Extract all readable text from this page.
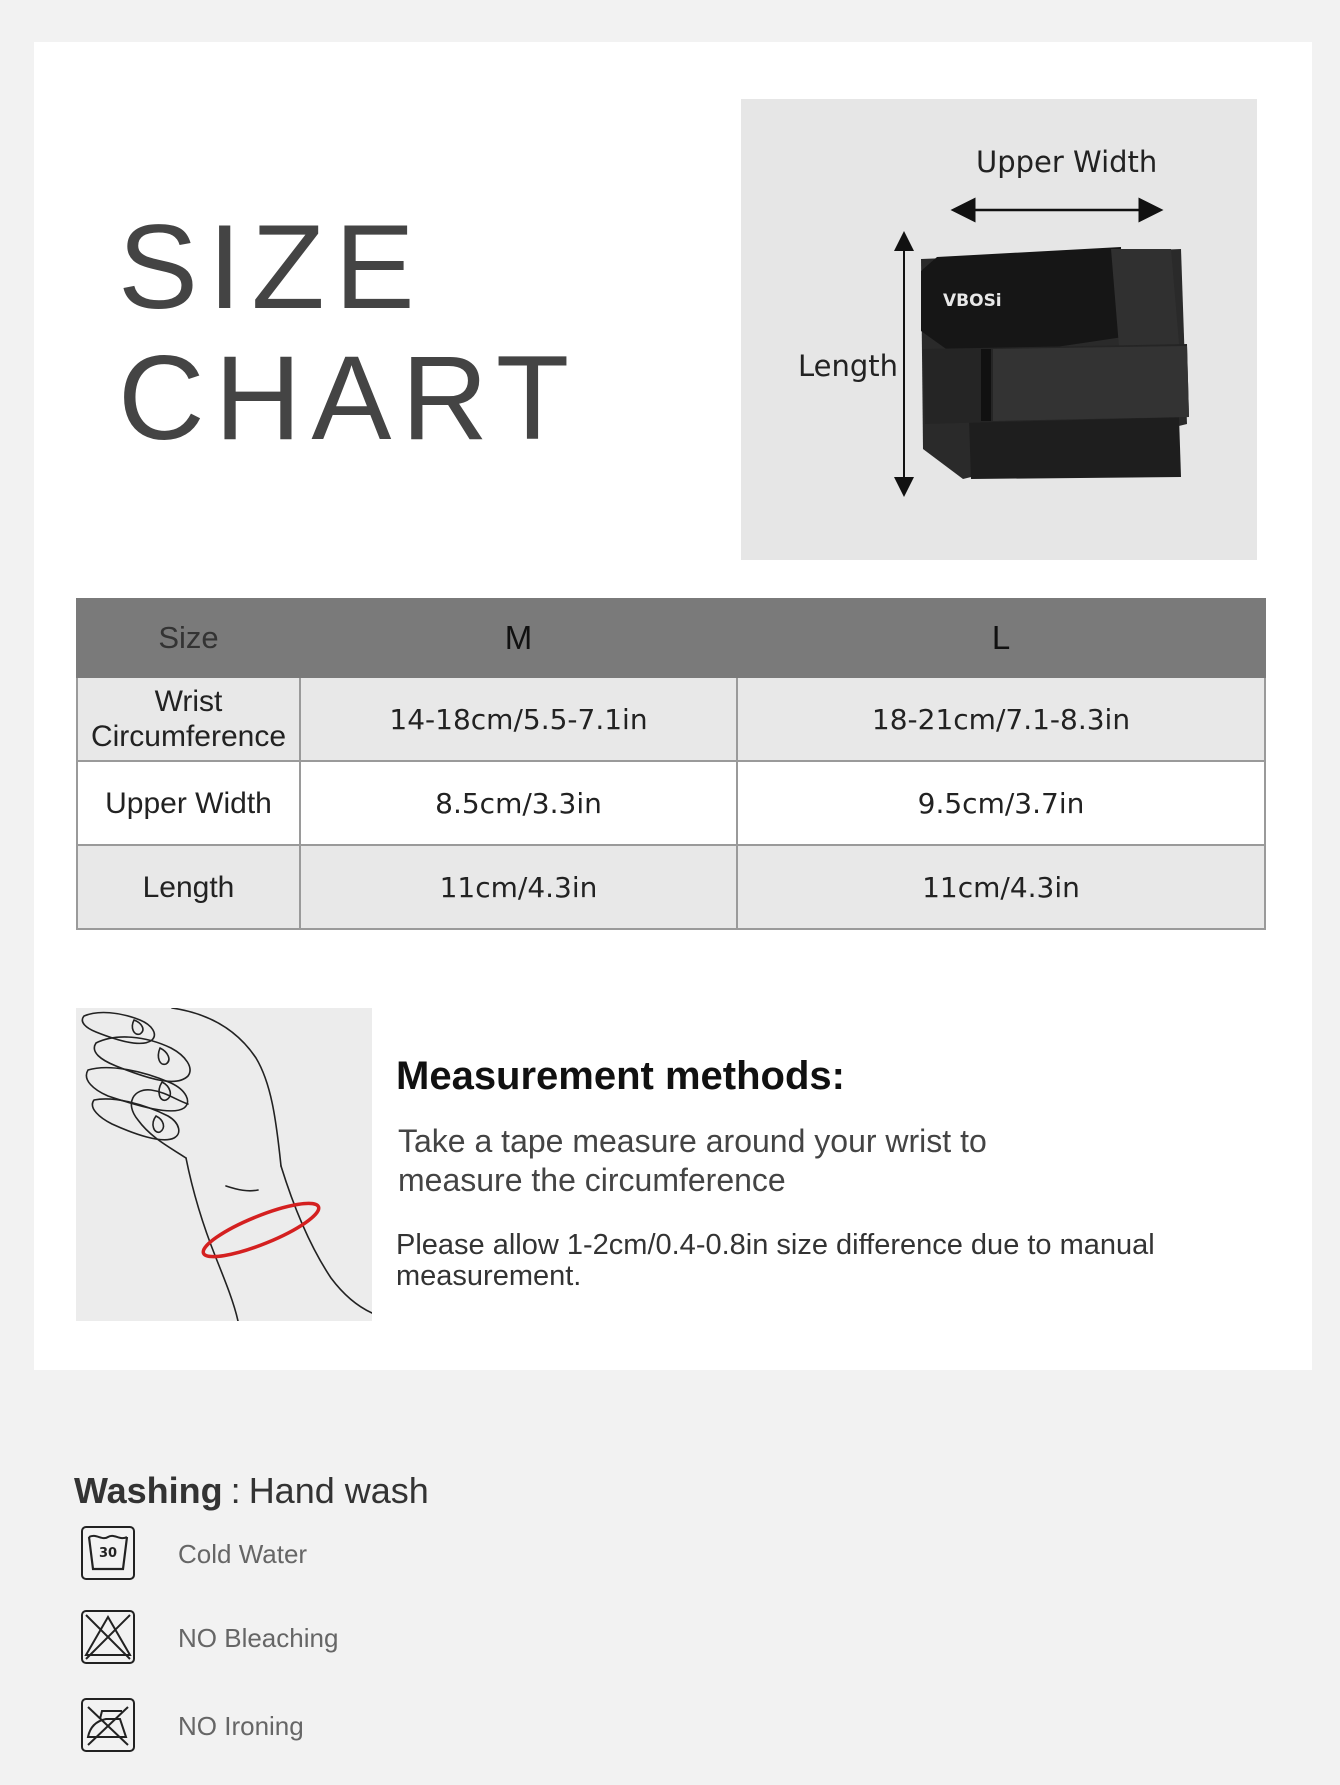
SIZE
CHART
VBOSi
Upper Width
Length
Size	M	L
Wrist
Circumference	14-18cm/5.5-7.1in	18-21cm/7.1-8.3in
Upper Width	8.5cm/3.3in	9.5cm/3.7in
Length	11cm/4.3in	11cm/4.3in
Measurement methods:

Take a tape measure around your wrist to measure the circumference

Please allow 1-2cm/0.4-0.8in size difference due to manual measurement.

Washing : Hand wash
30 Cold Water
NO Bleaching
NO Ironing
